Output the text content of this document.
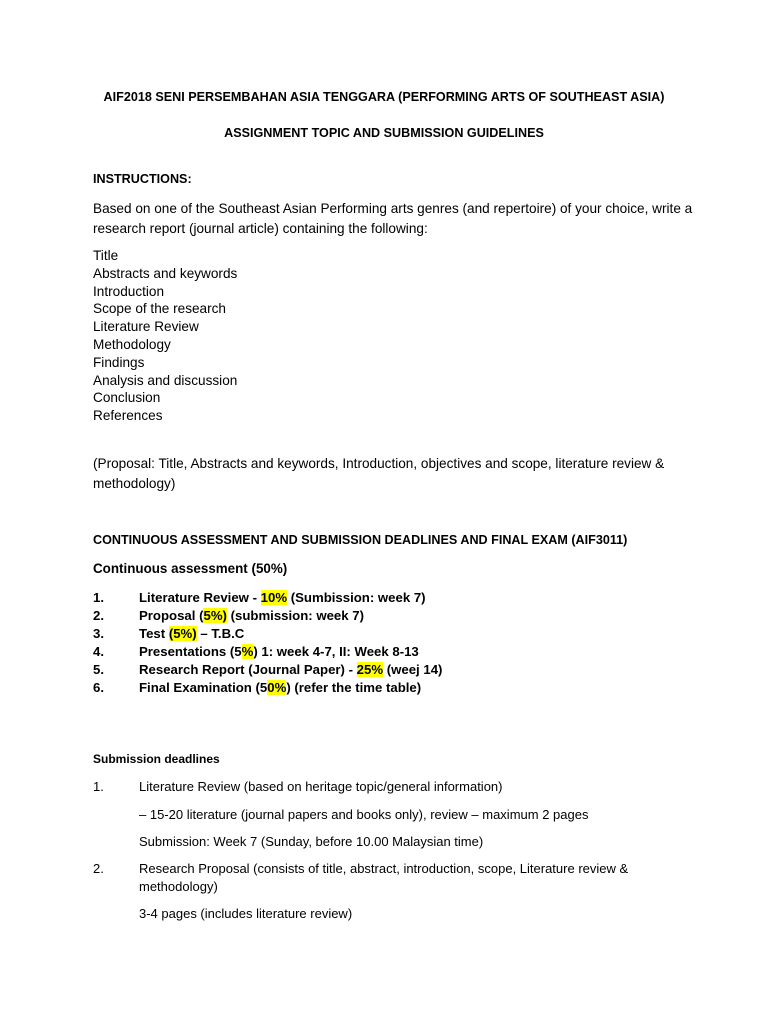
AIF2018 SENI PERSEMBAHAN ASIA TENGGARA (PERFORMING ARTS OF SOUTHEAST ASIA)
ASSIGNMENT TOPIC AND SUBMISSION GUIDELINES
INSTRUCTIONS:
Based on one of the Southeast Asian Performing arts genres (and repertoire) of your choice, write a research report (journal article) containing the following:
Title
Abstracts and keywords
Introduction
Scope of the research
Literature Review
Methodology
Findings
Analysis and discussion
Conclusion
References
(Proposal: Title, Abstracts and keywords, Introduction, objectives and scope, literature review & methodology)
CONTINUOUS ASSESSMENT AND SUBMISSION DEADLINES AND FINAL EXAM (AIF3011)
Continuous assessment (50%)
1.	Literature Review - 10% (Sumbission: week 7)
2.	Proposal (5%) (submission: week 7)
3.	Test (5%) – T.B.C
4.	Presentations (5%) 1: week 4-7, II: Week 8-13
5.	Research Report (Journal Paper) - 25% (weej 14)
6.	Final Examination (50%) (refer the time table)
Submission deadlines
1.	Literature Review (based on heritage topic/general information)
– 15-20 literature (journal papers and books only), review – maximum 2 pages
Submission: Week 7 (Sunday, before 10.00 Malaysian time)
2.	Research Proposal (consists of title, abstract, introduction, scope, Literature review & methodology)
3-4 pages (includes literature review)
